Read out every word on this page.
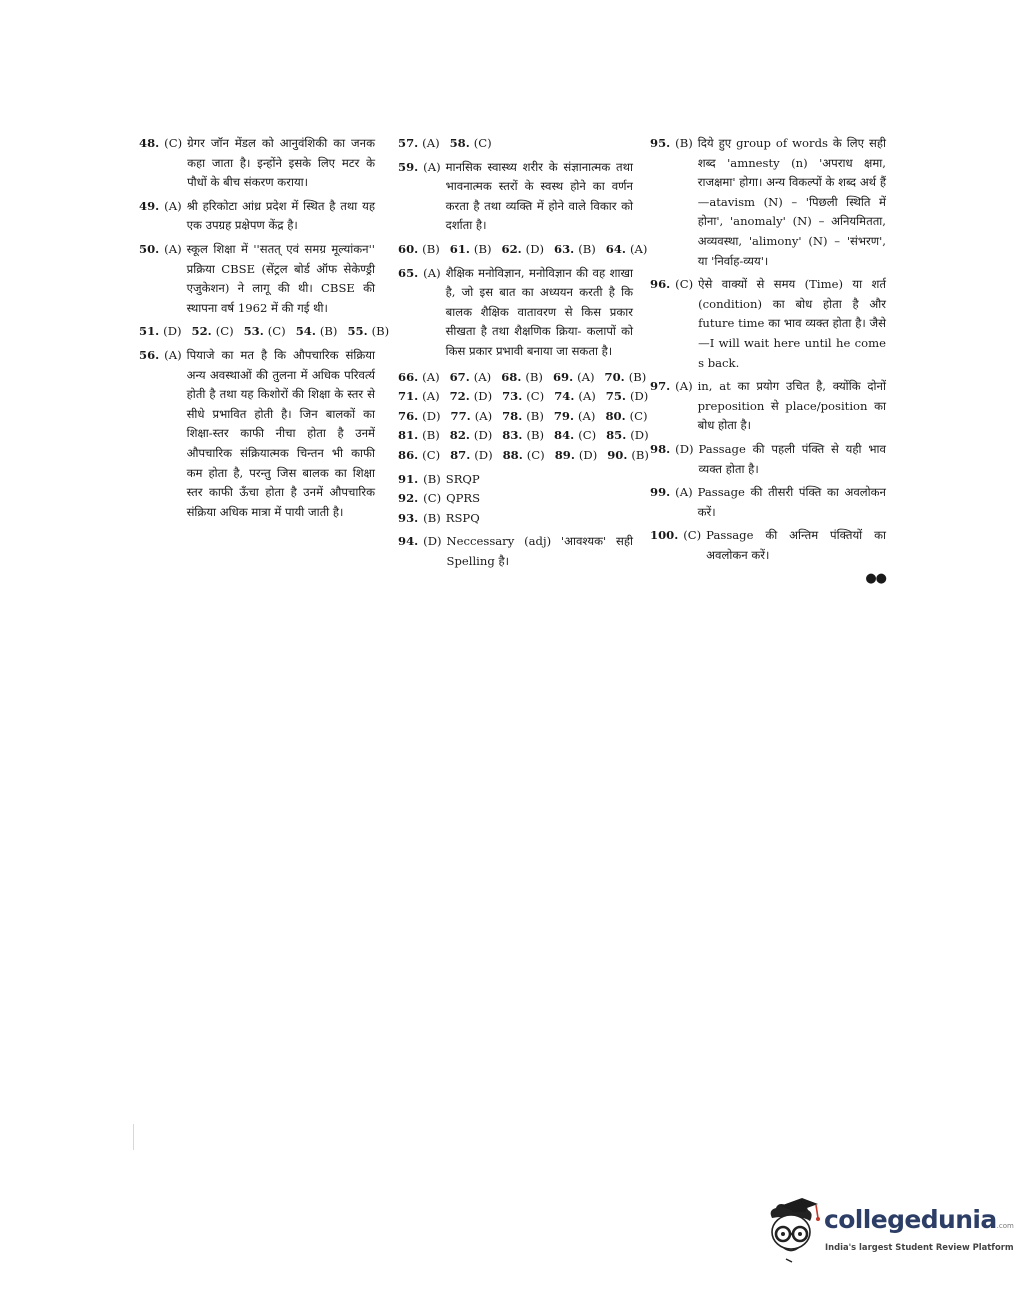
48. (C) ग्रेगर जॉन मेंडल को आनुवंशिकी का जनक कहा जाता है। इन्होंने इसके लिए मटर के पौधों के बीच संकरण कराया।
49. (A) श्री हरिकोटा आंध्र प्रदेश में स्थित है तथा यह एक उपग्रह प्रक्षेपण केंद्र है।
50. (A) स्कूल शिक्षा में ''सतत् एवं समग्र मूल्यांकन'' प्रक्रिया CBSE (सेंट्रल बोर्ड ऑफ सेकेण्ड्री एजुकेशन) ने लागू की थी। CBSE की स्थापना वर्ष 1962 में की गई थी।
51. (D) 52. (C) 53. (C) 54. (B) 55. (B)
56. (A) पियाजे का मत है कि औपचारिक संक्रिया अन्य अवस्थाओं की तुलना में अधिक परिवर्त्य होती है तथा यह किशोरों की शिक्षा के स्तर से सीधे प्रभावित होती है। जिन बालकों का शिक्षा-स्तर काफी नीचा होता है उनमें औपचारिक संक्रियात्मक चिन्तन भी काफी कम होता है, परन्तु जिस बालक का शिक्षा स्तर काफी ऊँचा होता है उनमें औपचारिक संक्रिया अधिक मात्रा में पायी जाती है।
57. (A) 58. (C)
59. (A) मानसिक स्वास्थ्य शरीर के संज्ञानात्मक तथा भावनात्मक स्तरों के स्वस्थ होने का वर्णन करता है तथा व्यक्ति में होने वाले विकार को दर्शाता है।
60. (B) 61. (B) 62. (D) 63. (B) 64. (A)
65. (A) शैक्षिक मनोविज्ञान, मनोविज्ञान की वह शाखा है, जो इस बात का अध्ययन करती है कि बालक शैक्षिक वातावरण से किस प्रकार सीखता है तथा शैक्षणिक क्रिया- कलापों को किस प्रकार प्रभावी बनाया जा सकता है।
66. (A) 67. (A) 68. (B) 69. (A) 70. (B)
71. (A) 72. (D) 73. (C) 74. (A) 75. (D)
76. (D) 77. (A) 78. (B) 79. (A) 80. (C)
81. (B) 82. (D) 83. (B) 84. (C) 85. (D)
86. (C) 87. (D) 88. (C) 89. (D) 90. (B)
91. (B) SRQP
92. (C) QPRS
93. (B) RSPQ
94. (D) Neccessary (adj) 'आवश्यक' सही Spelling है।
95. (B) दिये हुए group of words के लिए सही शब्द 'amnesty (n) 'अपराध क्षमा, राजक्षमा' होगा। अन्य विकल्पों के शब्द अर्थ हैं—atavism (N) – 'पिछली स्थिति में होना', 'anomaly' (N) – अनियमितता, अव्यवस्था, 'alimony' (N) – 'संभरण', या 'निर्वाह-व्यय'।
96. (C) ऐसे वाक्यों से समय (Time) या शर्त (condition) का बोध होता है और future time का भाव व्यक्त होता है। जैसे—I will wait here until he come s back.
97. (A) in, at का प्रयोग उचित है, क्योंकि दोनों preposition से place/position का बोध होता है।
98. (D) Passage की पहली पंक्ति से यही भाव व्यक्त होता है।
99. (A) Passage की तीसरी पंक्ति का अवलोकन करें।
100. (C) Passage की अन्तिम पंक्तियों का अवलोकन करें।
●●
collegedunia.com
India's largest Student Review Platform
